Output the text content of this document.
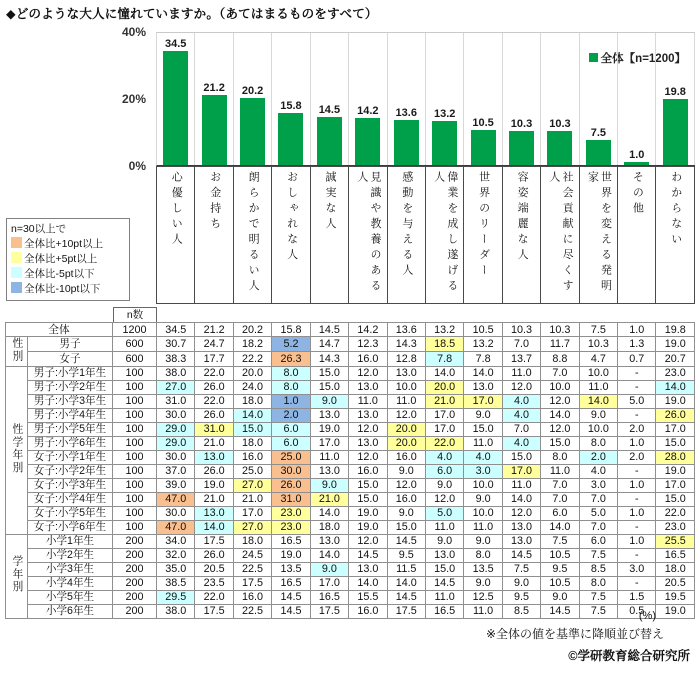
◆どのような大人に憧れていますか。（あてはまるものをすべて）
40%
20%
0%
全体【n=1200】
34.5
21.2 20.2
15.8 14.5 14.2 13.6 13.2
10.5 10.3 10.3
7.5
1.0
19.8
心優しい人 お金持ち 朗らかで明るい人 おしゃれな人 誠実な人	見識や教養のある人	感動を与える人	偉業を成し遂げる人	世界のリーダー 容姿端麗な人	社会貢献に尽くす人	世界を変える発明家	その他 わからない
n=30以上で
全体比+10pt以上
全体比+5pt以上
全体比-5pt以下
全体比-10pt以下
n数
全体		1200	34.5	21.2	20.2	15.8	14.5	14.2	13.6	13.2	10.5	10.3	10.3	7.5	1.0	19.8
性別	男子	600	30.7	24.7	18.2	5.2	14.7	12.3	14.3	18.5	13.2	7.0	11.7	10.3	1.3	19.0
	女子	600	38.3	17.7	22.2	26.3	14.3	16.0	12.8	7.8	7.8	13.7	8.8	4.7	0.7	20.7
性学年別	男子:小学1年生	100	38.0	22.0	20.0	8.0	15.0	12.0	13.0	14.0	14.0	11.0	7.0	10.0	-	23.0
	男子:小学2年生	100	27.0	26.0	24.0	8.0	15.0	13.0	10.0	20.0	13.0	12.0	10.0	11.0	-	14.0
	男子:小学3年生	100	31.0	22.0	18.0	1.0	9.0	11.0	11.0	21.0	17.0	4.0	12.0	14.0	5.0	19.0
	男子:小学4年生	100	30.0	26.0	14.0	2.0	13.0	13.0	12.0	17.0	9.0	4.0	14.0	9.0	-	26.0
	男子:小学5年生	100	29.0	31.0	15.0	6.0	19.0	12.0	20.0	17.0	15.0	7.0	12.0	10.0	2.0	17.0
	男子:小学6年生	100	29.0	21.0	18.0	6.0	17.0	13.0	20.0	22.0	11.0	4.0	15.0	8.0	1.0	15.0
	女子:小学1年生	100	30.0	13.0	16.0	25.0	11.0	12.0	16.0	4.0	4.0	15.0	8.0	2.0	2.0	28.0
	女子:小学2年生	100	37.0	26.0	25.0	30.0	13.0	16.0	9.0	6.0	3.0	17.0	11.0	4.0	-	19.0
	女子:小学3年生	100	39.0	19.0	27.0	26.0	9.0	15.0	12.0	9.0	10.0	11.0	7.0	3.0	1.0	17.0
	女子:小学4年生	100	47.0	21.0	21.0	31.0	21.0	15.0	16.0	12.0	9.0	14.0	7.0	7.0	-	15.0
	女子:小学5年生	100	30.0	13.0	17.0	23.0	14.0	19.0	9.0	5.0	10.0	12.0	6.0	5.0	1.0	22.0
	女子:小学6年生	100	47.0	14.0	27.0	23.0	18.0	19.0	15.0	11.0	11.0	13.0	14.0	7.0	-	23.0
学年別	小学1年生	200	34.0	17.5	18.0	16.5	13.0	12.0	14.5	9.0	9.0	13.0	7.5	6.0	1.0	25.5
	小学2年生	200	32.0	26.0	24.5	19.0	14.0	14.5	9.5	13.0	8.0	14.5	10.5	7.5	-	16.5
	小学3年生	200	35.0	20.5	22.5	13.5	9.0	13.0	11.5	15.0	13.5	7.5	9.5	8.5	3.0	18.0
	小学4年生	200	38.5	23.5	17.5	16.5	17.0	14.0	14.0	14.5	9.0	9.0	10.5	8.0	-	20.5
	小学5年生	200	29.5	22.0	16.0	14.5	16.5	15.5	14.5	11.0	12.5	9.5	9.0	7.5	1.5	19.5
	小学6年生	200	38.0	17.5	22.5	14.5	17.5	16.0	17.5	16.5	11.0	8.5	14.5	7.5	0.5	19.0
(%)
※全体の値を基準に降順並び替え
©学研教育総合研究所
